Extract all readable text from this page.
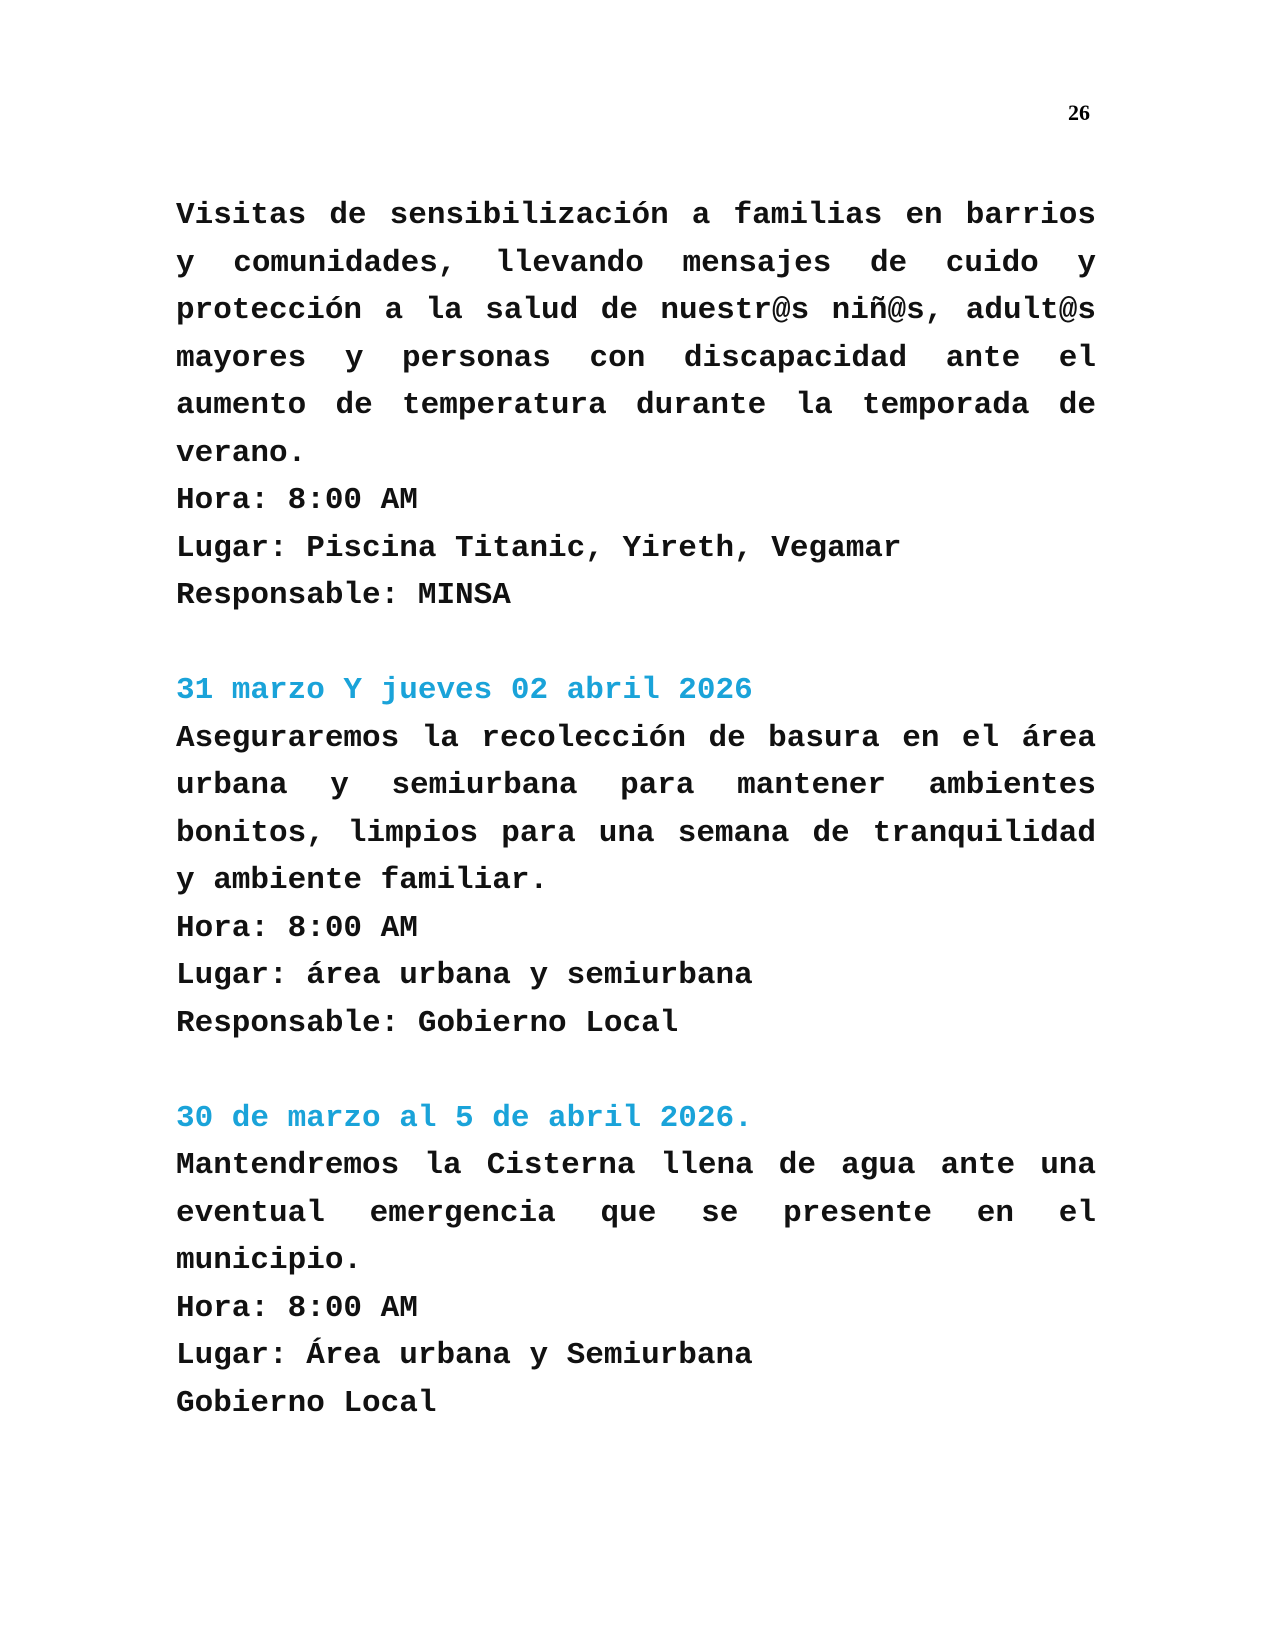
26

Visitas de sensibilización a familias en barrios y comunidades, llevando mensajes de cuido y protección a la salud de nuestr@s niñ@s, adult@s mayores y personas con discapacidad ante el aumento de temperatura durante la temporada de verano.

Hora: 8:00 AM

Lugar: Piscina Titanic, Yireth, Vegamar

Responsable: MINSA

31 marzo Y jueves 02 abril 2026

Aseguraremos la recolección de basura en el área urbana y semiurbana para mantener ambientes bonitos, limpios para una semana de tranquilidad y ambiente familiar.

Hora: 8:00 AM

Lugar: área urbana y semiurbana

Responsable: Gobierno Local

30 de marzo al 5 de abril 2026.

Mantendremos la Cisterna llena de agua ante una eventual emergencia que se presente en el municipio.

Hora: 8:00 AM

Lugar: Área urbana y Semiurbana

Gobierno Local
